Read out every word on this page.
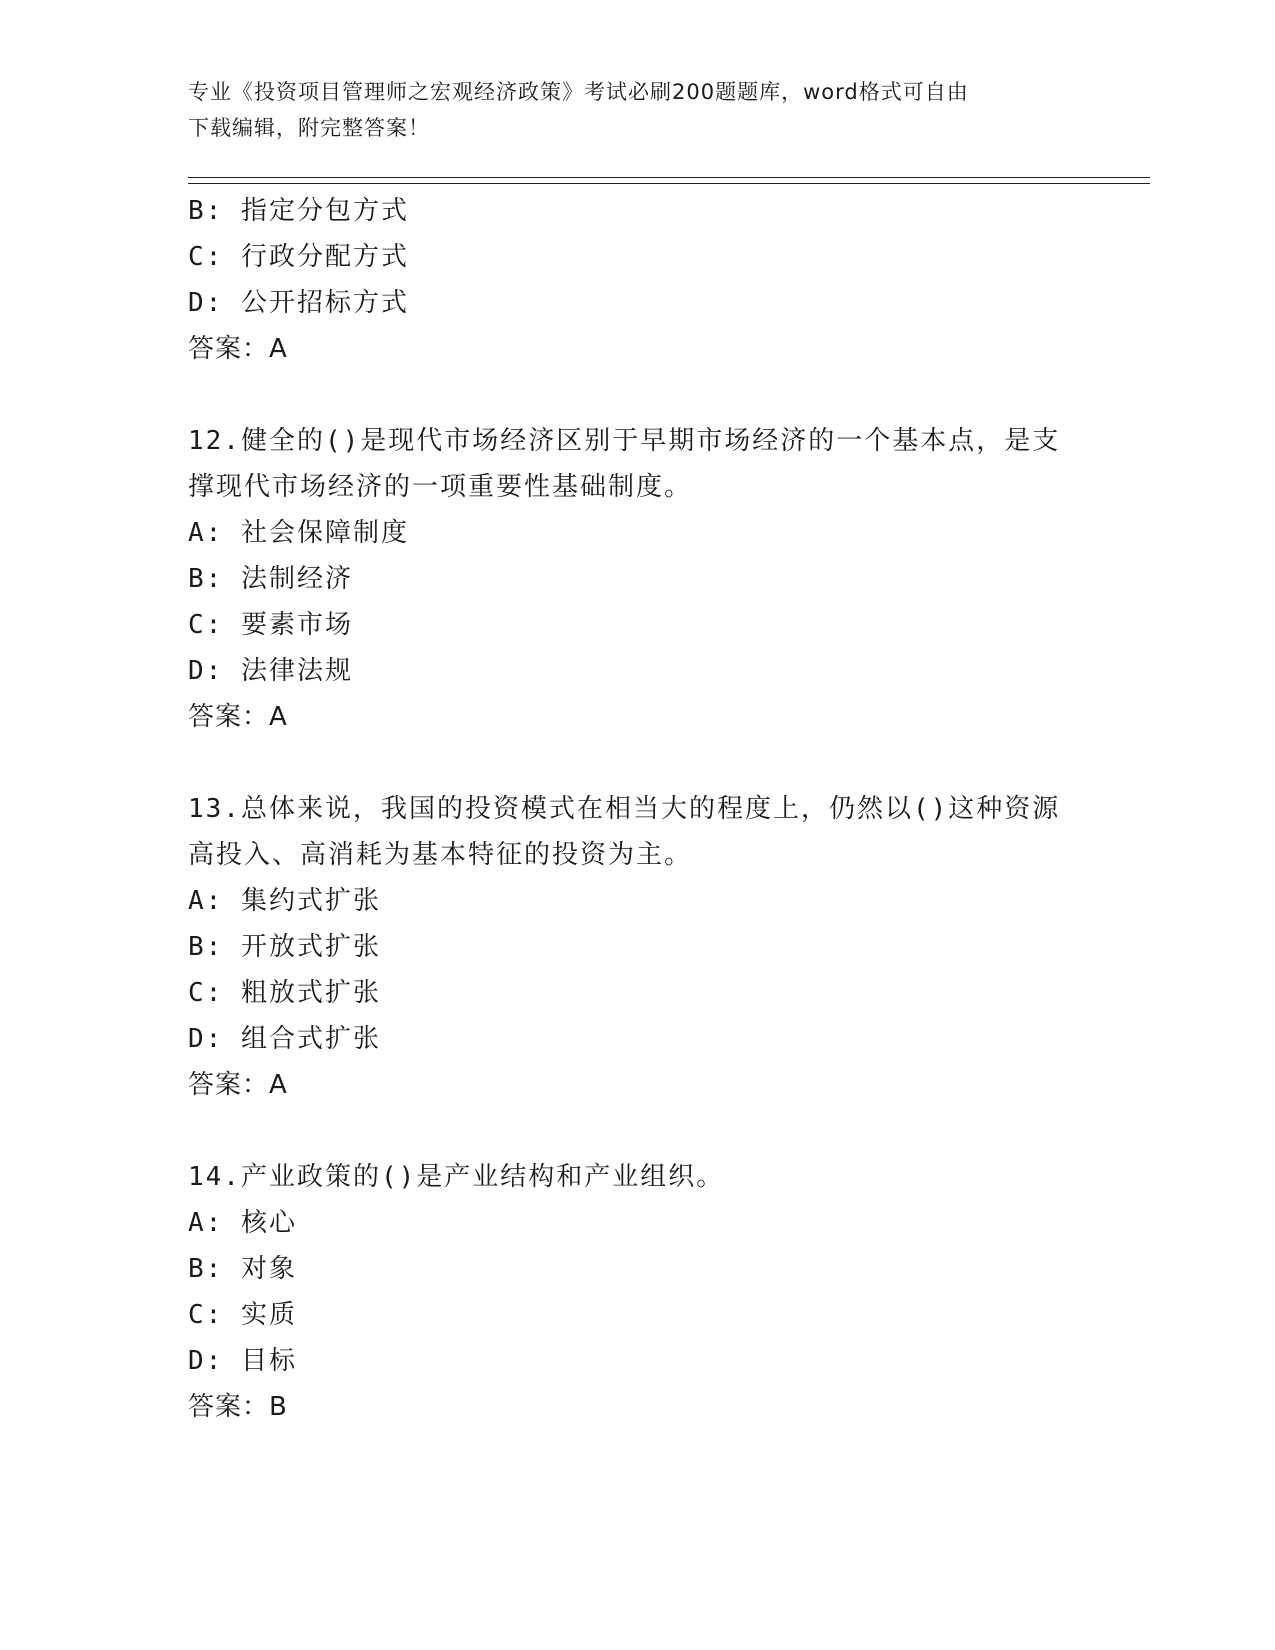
专业《投资项目管理师之宏观经济政策》考试必刷200题题库，word格式可自由
下载编辑，附完整答案！
B: 指定分包方式
C: 行政分配方式
D: 公开招标方式
答案：A
12.健全的()是现代市场经济区别于早期市场经济的一个基本点，是支
撑现代市场经济的一项重要性基础制度。
A: 社会保障制度
B: 法制经济
C: 要素市场
D: 法律法规
答案：A
13.总体来说，我国的投资模式在相当大的程度上，仍然以()这种资源
高投入、高消耗为基本特征的投资为主。
A: 集约式扩张
B: 开放式扩张
C: 粗放式扩张
D: 组合式扩张
答案：A
14.产业政策的()是产业结构和产业组织。
A: 核心
B: 对象
C: 实质
D: 目标
答案：B
